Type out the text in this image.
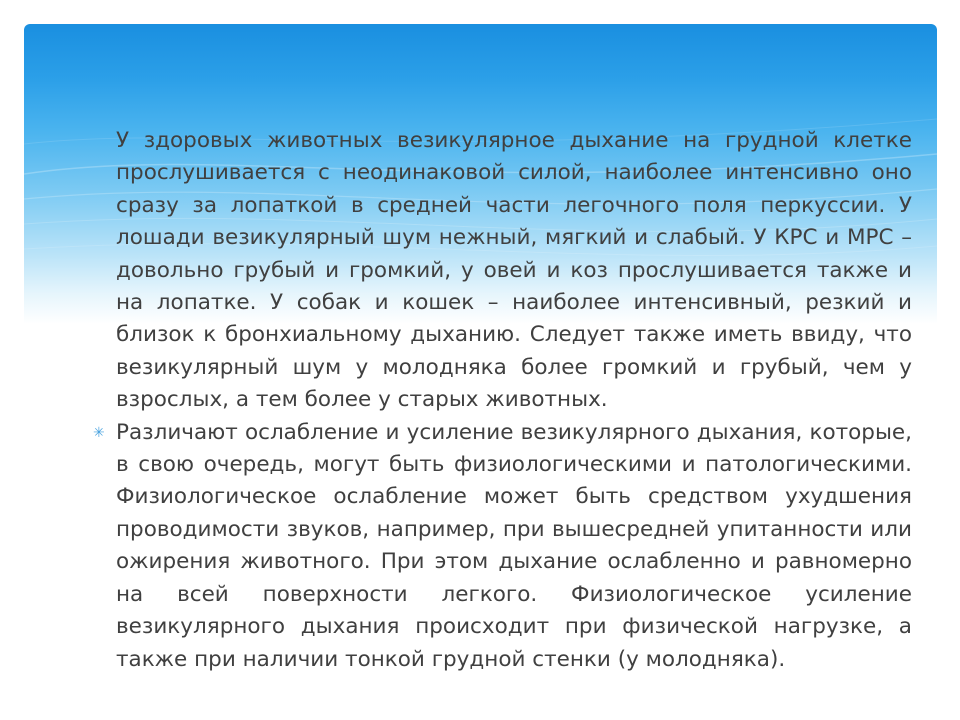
У здоровых животных везикулярное дыхание на грудной клетке прослушивается с неодинаковой силой, наиболее интенсивно оно сразу за лопаткой в средней части легочного поля перкуссии. У лошади везикулярный шум нежный, мягкий и слабый. У КРС и МРС – довольно грубый и громкий, у овей и коз прослушивается также и на лопатке. У собак и кошек – наиболее интенсивный, резкий и близок к бронхиальному дыханию. Следует также иметь ввиду, что везикулярный шум у молодняка более громкий и грубый, чем у взрослых, а тем более у старых животных.

✳ Различают ослабление и усиление везикулярного дыхания, которые, в свою очередь, могут быть физиологическими и патологическими. Физиологическое ослабление может быть средством ухудшения проводимости звуков, например, при вышесредней упитанности или ожирения животного. При этом дыхание ослабленно и равномерно на всей поверхности легкого. Физиологическое усиление везикулярного дыхания происходит при физической нагрузке, а также при наличии тонкой грудной стенки (у молодняка).
